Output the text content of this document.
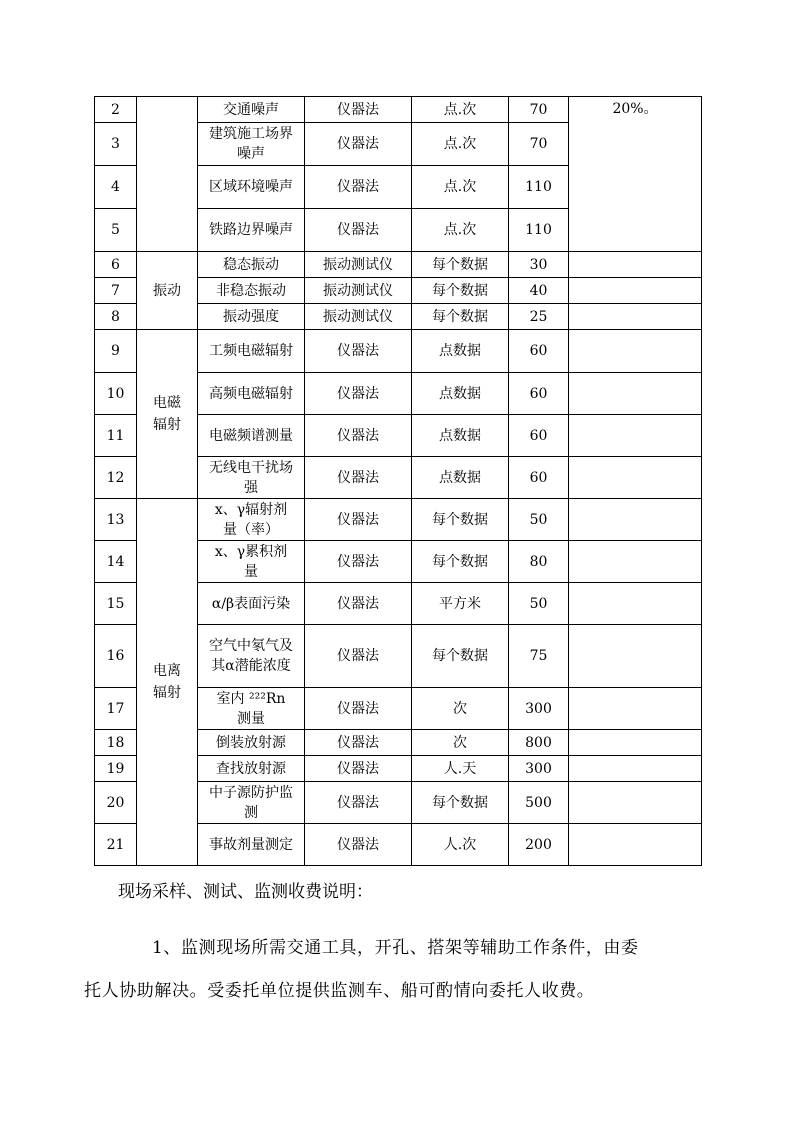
2		交通噪声	仪器法	点.次	70	20%。
3		建筑施工场界噪声	仪器法	点.次	70	
4		区域环境噪声	仪器法	点.次	110	
5		铁路边界噪声	仪器法	点.次	110	
6	振动	稳态振动	振动测试仪	每个数据	30	
7		非稳态振动	振动测试仪	每个数据	40	
8		振动强度	振动测试仪	每个数据	25	
9	电磁辐射	工频电磁辐射	仪器法	点数据	60	
10		高频电磁辐射	仪器法	点数据	60	
11		电磁频谱测量	仪器法	点数据	60	
12		无线电干扰场强	仪器法	点数据	60	
13	电离辐射	х、γ辐射剂量（率）	仪器法	每个数据	50	
14		х、γ累积剂量	仪器法	每个数据	80	
15		α/β表面污染	仪器法	平方米	50	
16		空气中氡气及其α潜能浓度	仪器法	每个数据	75	
17		室内 ²²²Rn 测量	仪器法	次	300	
18		倒装放射源	仪器法	次	800	
19		查找放射源	仪器法	人.天	300	
20		中子源防护监测	仪器法	每个数据	500	
21		事故剂量测定	仪器法	人.次	200	

现场采样、测试、监测收费说明：

1、监测现场所需交通工具，开孔、搭架等辅助工作条件，由委
托人协助解决。受委托单位提供监测车、船可酌情向委托人收费。
